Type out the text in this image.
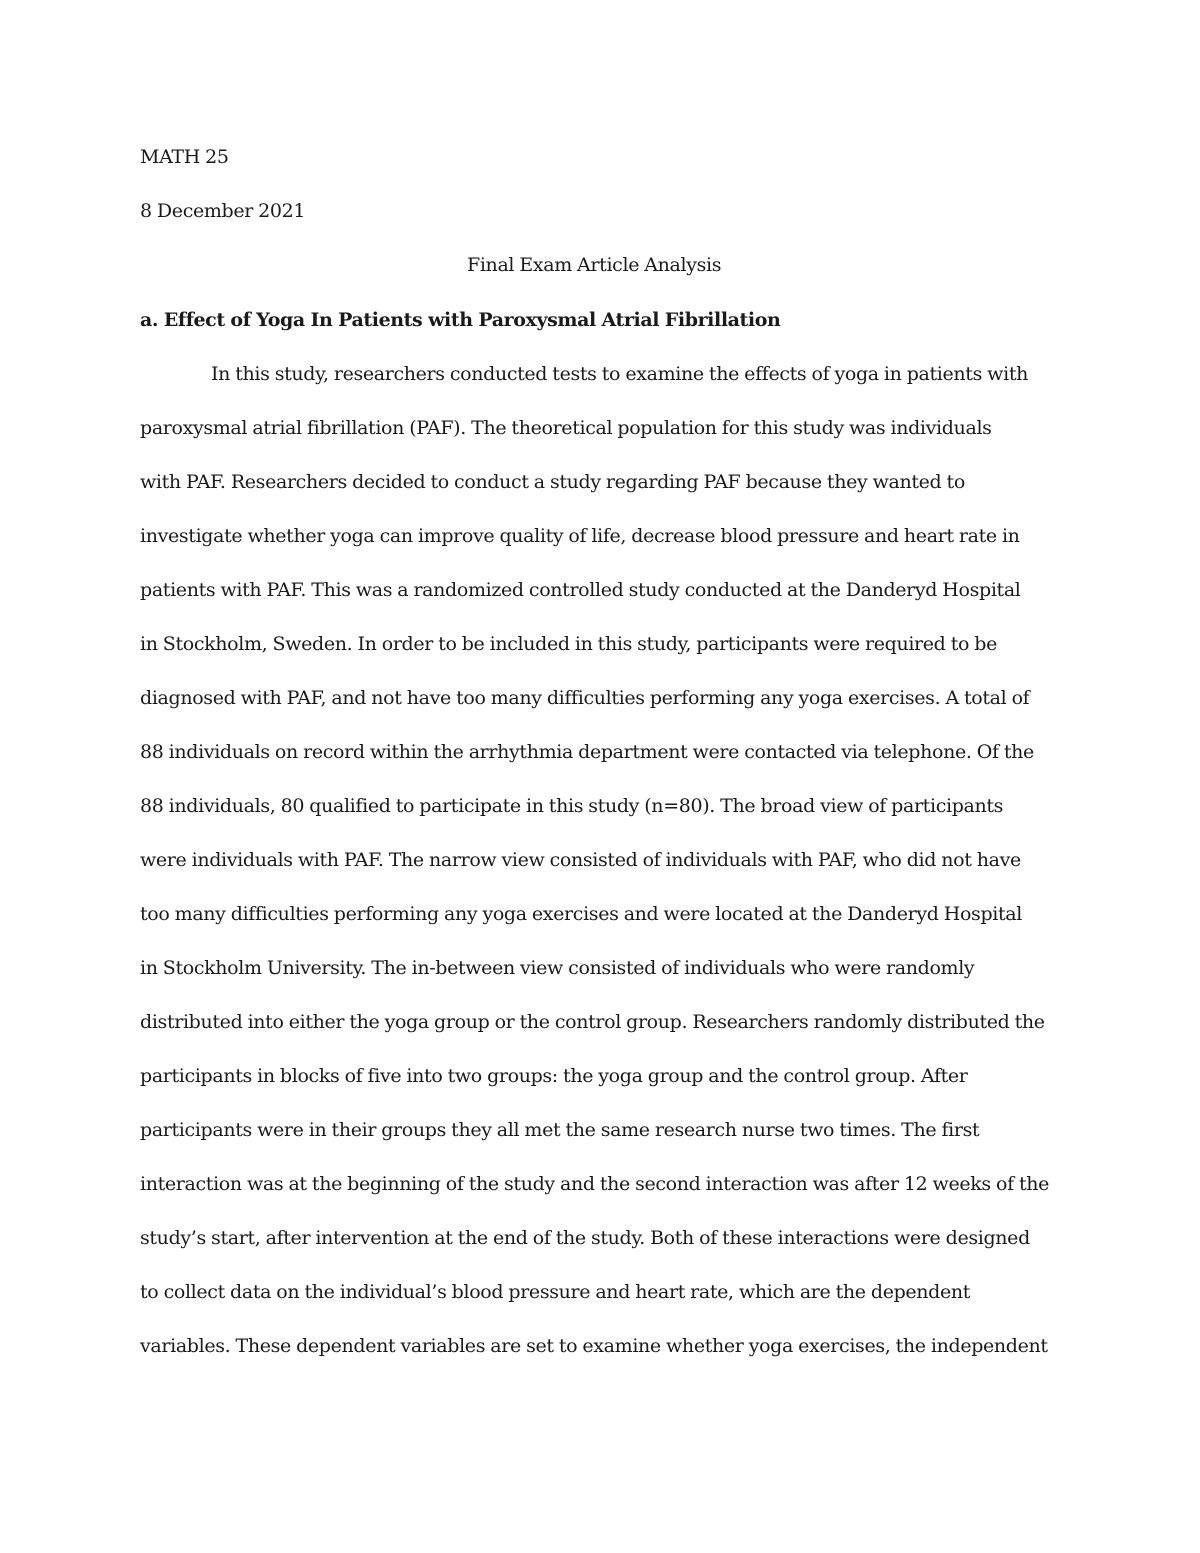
MATH 25
8 December 2021
Final Exam Article Analysis
a. Effect of Yoga In Patients with Paroxysmal Atrial Fibrillation
In this study, researchers conducted tests to examine the effects of yoga in patients with
paroxysmal atrial fibrillation (PAF). The theoretical population for this study was individuals
with PAF. Researchers decided to conduct a study regarding PAF because they wanted to
investigate whether yoga can improve quality of life, decrease blood pressure and heart rate in
patients with PAF. This was a randomized controlled study conducted at the Danderyd Hospital
in Stockholm, Sweden. In order to be included in this study, participants were required to be
diagnosed with PAF, and not have too many difficulties performing any yoga exercises. A total of
88 individuals on record within the arrhythmia department were contacted via telephone. Of the
88 individuals, 80 qualified to participate in this study (n=80). The broad view of participants
were individuals with PAF. The narrow view consisted of individuals with PAF, who did not have
too many difficulties performing any yoga exercises and were located at the Danderyd Hospital
in Stockholm University. The in-between view consisted of individuals who were randomly
distributed into either the yoga group or the control group. Researchers randomly distributed the
participants in blocks of five into two groups: the yoga group and the control group. After
participants were in their groups they all met the same research nurse two times. The first
interaction was at the beginning of the study and the second interaction was after 12 weeks of the
study’s start, after intervention at the end of the study. Both of these interactions were designed
to collect data on the individual’s blood pressure and heart rate, which are the dependent
variables. These dependent variables are set to examine whether yoga exercises, the independent
